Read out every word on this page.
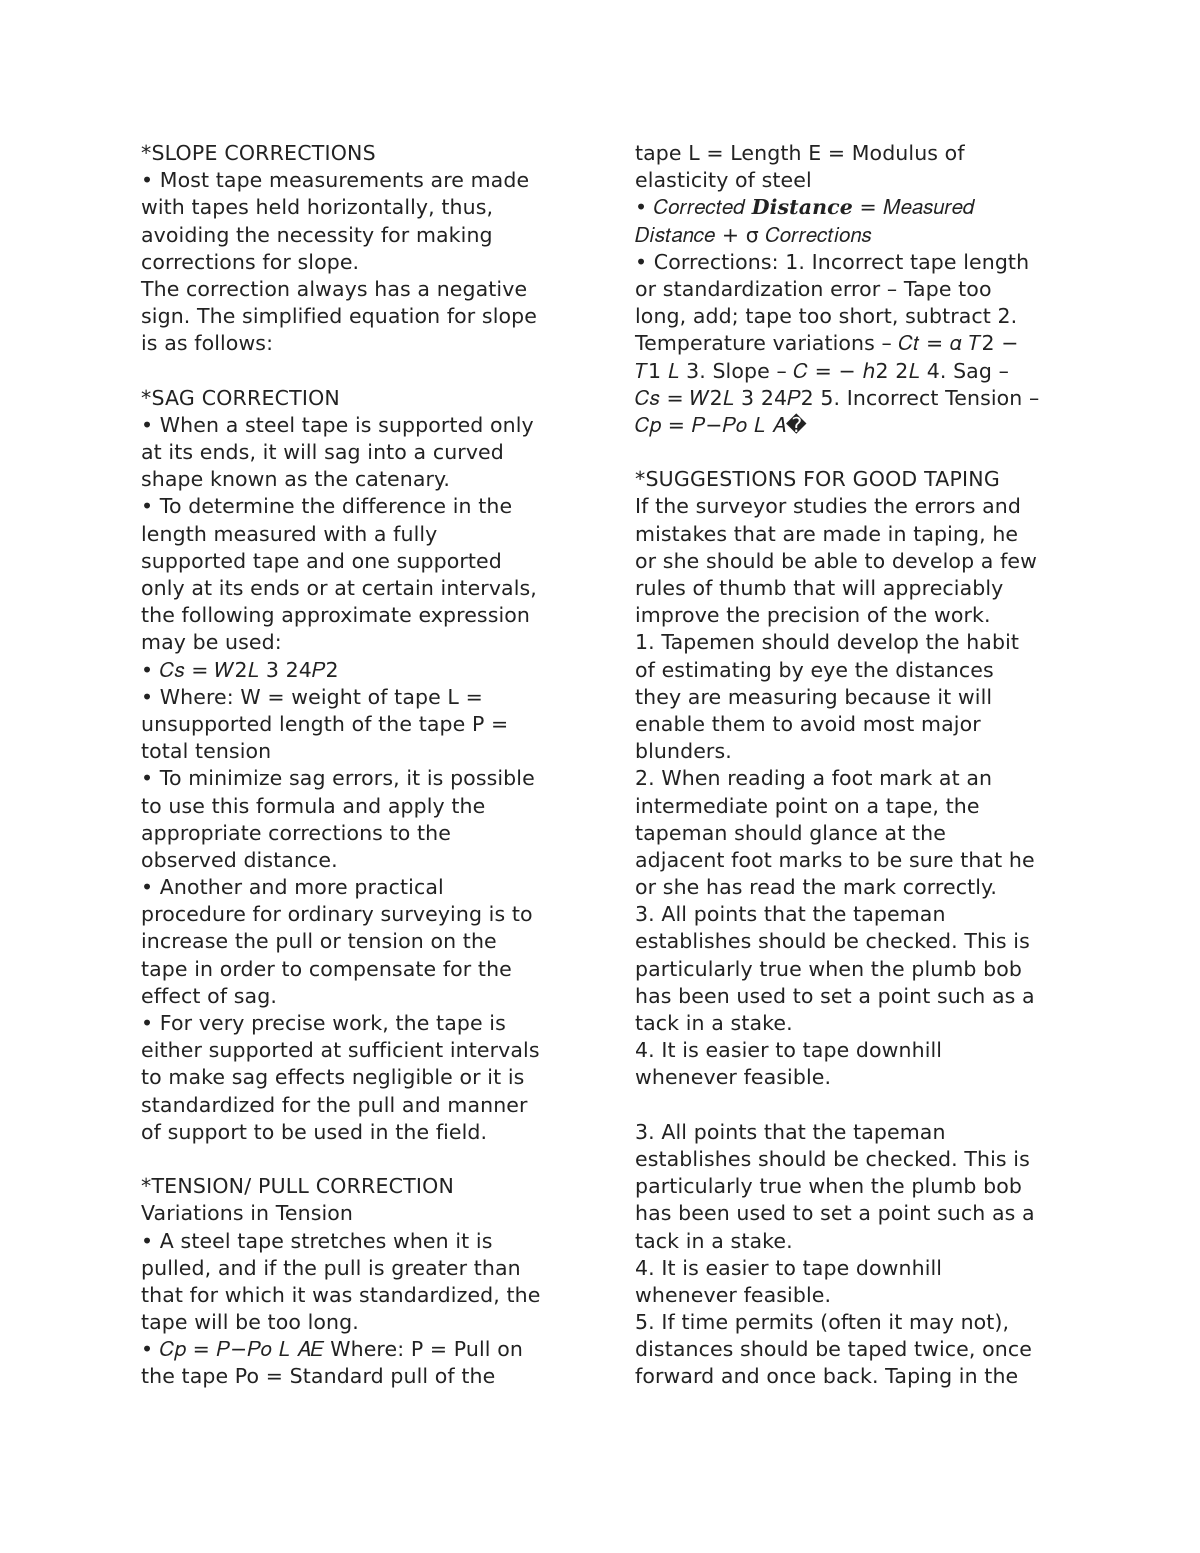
*SLOPE CORRECTIONS
• Most tape measurements are made
with tapes held horizontally, thus,
avoiding the necessity for making
corrections for slope.
The correction always has a negative
sign. The simplified equation for slope
is as follows:
*SAG CORRECTION
• When a steel tape is supported only
at its ends, it will sag into a curved
shape known as the catenary.
• To determine the difference in the
length measured with a fully
supported tape and one supported
only at its ends or at certain intervals,
the following approximate expression
may be used:
• 𝐶𝑠 = 𝑊2𝐿 3 24𝑃2
• Where: W = weight of tape L =
unsupported length of the tape P =
total tension
• To minimize sag errors, it is possible
to use this formula and apply the
appropriate corrections to the
observed distance.
• Another and more practical
procedure for ordinary surveying is to
increase the pull or tension on the
tape in order to compensate for the
effect of sag.
• For very precise work, the tape is
either supported at sufficient intervals
to make sag effects negligible or it is
standardized for the pull and manner
of support to be used in the field.
*TENSION/ PULL CORRECTION
Variations in Tension
• A steel tape stretches when it is
pulled, and if the pull is greater than
that for which it was standardized, the
tape will be too long.
• 𝐶𝑝 = 𝑃−𝑃𝑜 𝐿 𝐴𝐸 Where: P = Pull on
the tape Po = Standard pull of the
tape L = Length E = Modulus of
elasticity of steel
• 𝐶𝑜𝑟𝑟𝑒𝑐𝑡𝑒𝑑 Distance = 𝑀𝑒𝑎𝑠𝑢𝑟𝑒𝑑
𝐷𝑖𝑠𝑡𝑎𝑛𝑐𝑒 + σ 𝐶𝑜𝑟𝑟𝑒𝑐𝑡𝑖𝑜𝑛𝑠
• Corrections: 1. Incorrect tape length
or standardization error – Tape too
long, add; tape too short, subtract 2.
Temperature variations – 𝐶𝑡 = 𝛼 𝑇2 −
𝑇1 𝐿 3. Slope – 𝐶 = − ℎ2 2𝐿 4. Sag –
𝐶𝑠 = 𝑊2𝐿 3 24𝑃2 5. Incorrect Tension –
𝐶𝑝 = 𝑃−𝑃𝑜 𝐿 𝐴�
*SUGGESTIONS FOR GOOD TAPING
If the surveyor studies the errors and
mistakes that are made in taping, he
or she should be able to develop a few
rules of thumb that will appreciably
improve the precision of the work.
1. Tapemen should develop the habit
of estimating by eye the distances
they are measuring because it will
enable them to avoid most major
blunders.
2. When reading a foot mark at an
intermediate point on a tape, the
tapeman should glance at the
adjacent foot marks to be sure that he
or she has read the mark correctly.
3. All points that the tapeman
establishes should be checked. This is
particularly true when the plumb bob
has been used to set a point such as a
tack in a stake.
4. It is easier to tape downhill
whenever feasible.
3. All points that the tapeman
establishes should be checked. This is
particularly true when the plumb bob
has been used to set a point such as a
tack in a stake.
4. It is easier to tape downhill
whenever feasible.
5. If time permits (often it may not),
distances should be taped twice, once
forward and once back. Taping in the
